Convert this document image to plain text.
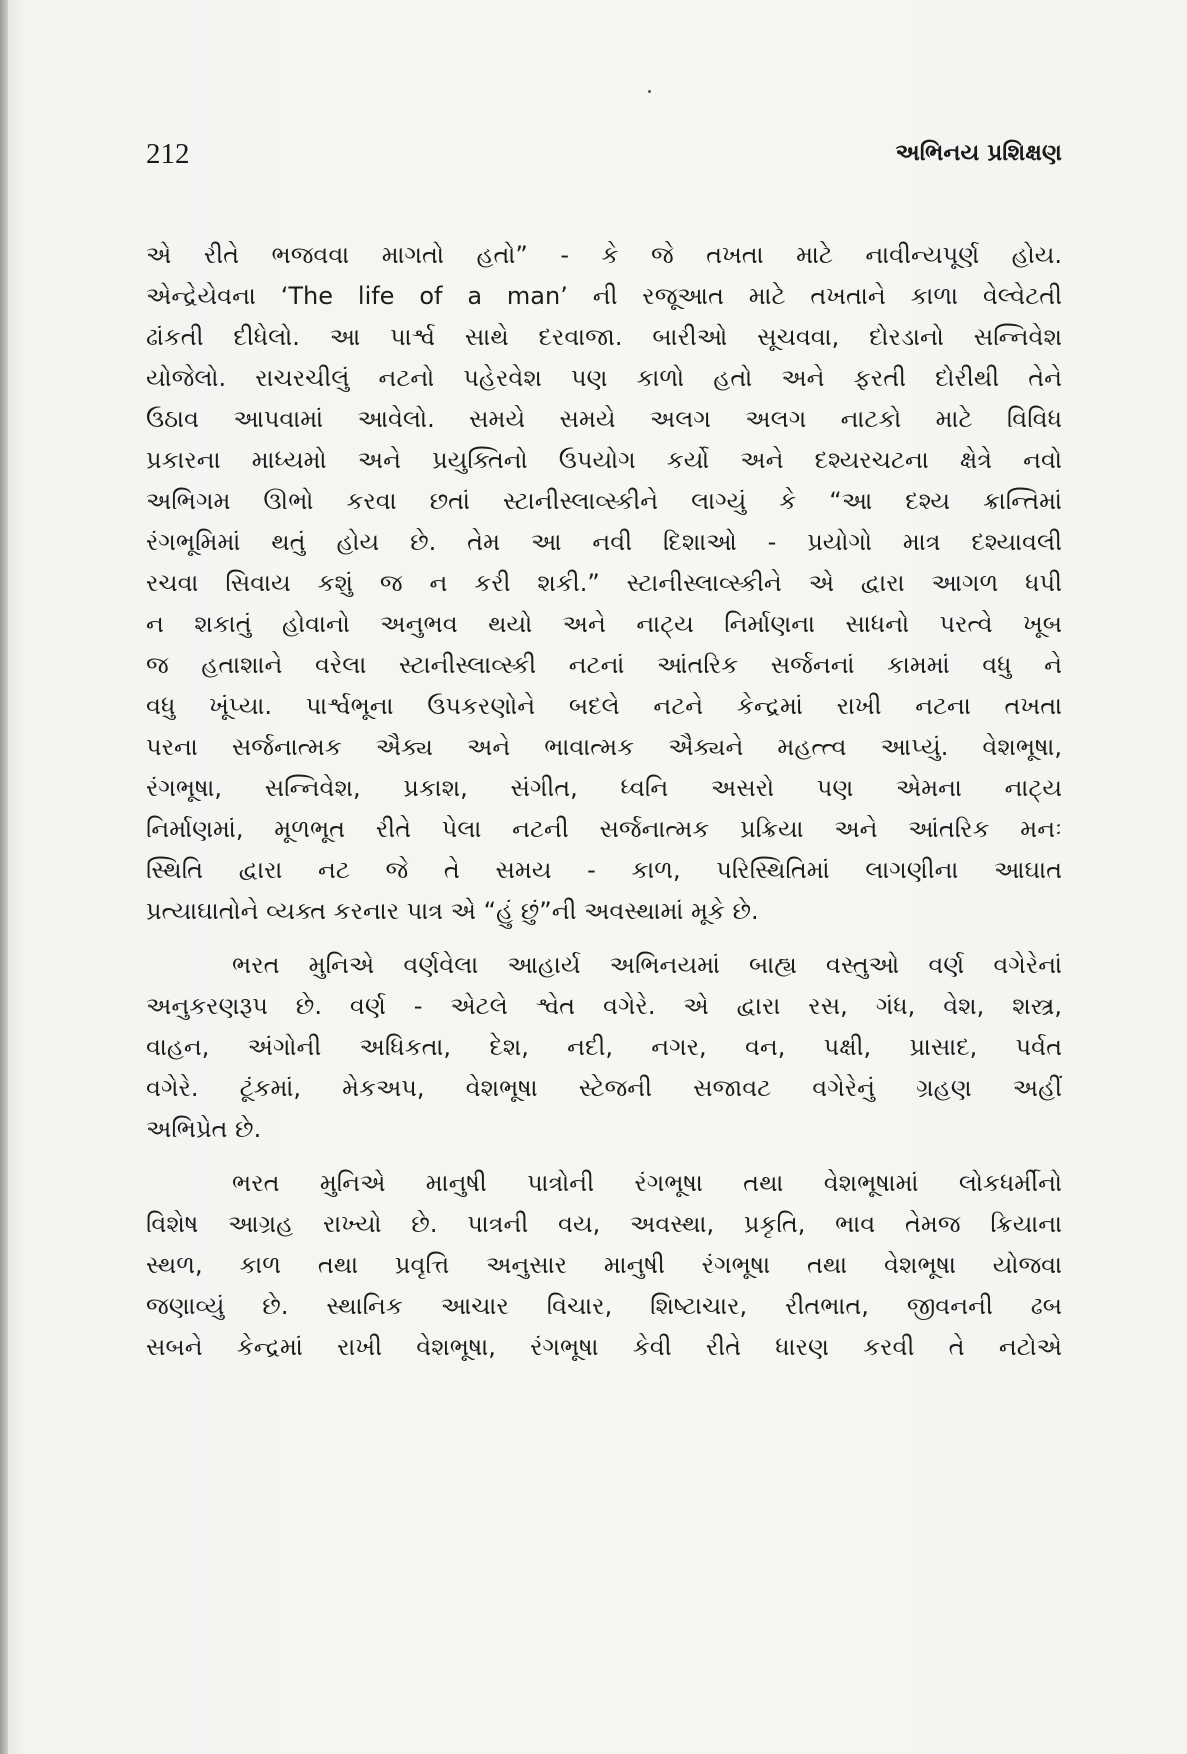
212	અભિનય પ્રશિક્ષણ
એ રીતે ભજવવા માગતો હતો” - કે જે તખતા માટે નાવીન્યપૂર્ણ હોય.
એન્દ્રેયેવના ‘The life of a man’ ની રજૂઆત માટે તખતાને કાળા વેલ્વેટતી
ઢાંકતી દીધેલો. આ પાર્શ્વ સાથે દરવાજા. બારીઓ સૂચવવા, દોરડાનો સન્નિવેશ
યોજેલો. રાચરચીલું નટનો પહેરવેશ પણ કાળો હતો અને ફરતી દોરીથી તેને
ઉઠાવ આપવામાં આવેલો. સમયે સમયે અલગ અલગ નાટકો માટે વિવિધ
પ્રકારના માધ્યમો અને પ્રયુક્તિનો ઉપયોગ કર્યો અને દશ્યરચટના ક્ષેત્રે નવો
અભિગમ ઊભો કરવા છતાં સ્ટાનીસ્લાવ્સ્કીને લાગ્યું કે “આ દશ્ય ક્રાન્તિમાં
રંગભૂમિમાં થતું હોય છે. તેમ આ નવી દિશાઓ - પ્રયોગો માત્ર દશ્યાવલી
રચવા સિવાય કશું જ ન કરી શકી.” સ્ટાનીસ્લાવ્સ્કીને એ દ્વારા આગળ ધપી
ન શકાતું હોવાનો અનુભવ થયો અને નાટ્ય નિર્માણના સાધનો પરત્વે ખૂબ
જ હતાશાને વરેલા સ્ટાનીસ્લાવ્સ્કી નટનાં આંતરિક સર્જનનાં કામમાં વધુ ને
વધુ ખૂંપ્યા. પાર્શ્વભૂના ઉપકરણોને બદલે નટને કેન્દ્રમાં રાખી નટના તખતા
પરના સર્જનાત્મક ઐક્ય અને ભાવાત્મક ઐક્યને મહત્ત્વ આપ્યું. વેશભૂષા,
રંગભૂષા, સન્નિવેશ, પ્રકાશ, સંગીત, ધ્વનિ અસરો પણ એમના નાટ્ય
નિર્માણમાં, મૂળભૂત રીતે પેલા નટની સર્જનાત્મક પ્રક્રિયા અને આંતરિક મનઃ
સ્થિતિ દ્વારા નટ જે તે સમય - કાળ, પરિસ્થિતિમાં લાગણીના આઘાત
પ્રત્યાઘાતોને વ્યક્ત કરનાર પાત્ર એ “હું છું”ની અવસ્થામાં મૂકે છે.
ભરત મુનિએ વર્ણવેલા આહાર્ય અભિનયમાં બાહ્ય વસ્તુઓ વર્ણ વગેરેનાં
અનુકરણરૂપ છે. વર્ણ - એટલે શ્વેત વગેરે. એ દ્વારા રસ, ગંધ, વેશ, શસ્ત્ર,
વાહન, અંગોની અધિકતા, દેશ, નદી, નગર, વન, પક્ષી, પ્રાસાદ, પર્વત
વગેરે. ટૂંકમાં, મેકઅપ, વેશભૂષા સ્ટેજની સજાવટ વગેરેનું ગ્રહણ અહીં
અભિપ્રેત છે.
ભરત મુનિએ માનુષી પાત્રોની રંગભૂષા તથા વેશભૂષામાં લોકધર્મીનો
વિશેષ આગ્રહ રાખ્યો છે. પાત્રની વય, અવસ્થા, પ્રકૃતિ, ભાવ તેમજ ક્રિયાના
સ્થળ, કાળ તથા પ્રવૃત્તિ અનુસાર માનુષી રંગભૂષા તથા વેશભૂષા યોજવા
જણાવ્યું છે. સ્થાનિક આચાર વિચાર, શિષ્ટાચાર, રીતભાત, જીવનની ઢબ
સબને કેન્દ્રમાં રાખી વેશભૂષા, રંગભૂષા કેવી રીતે ધારણ કરવી તે નટોએ
